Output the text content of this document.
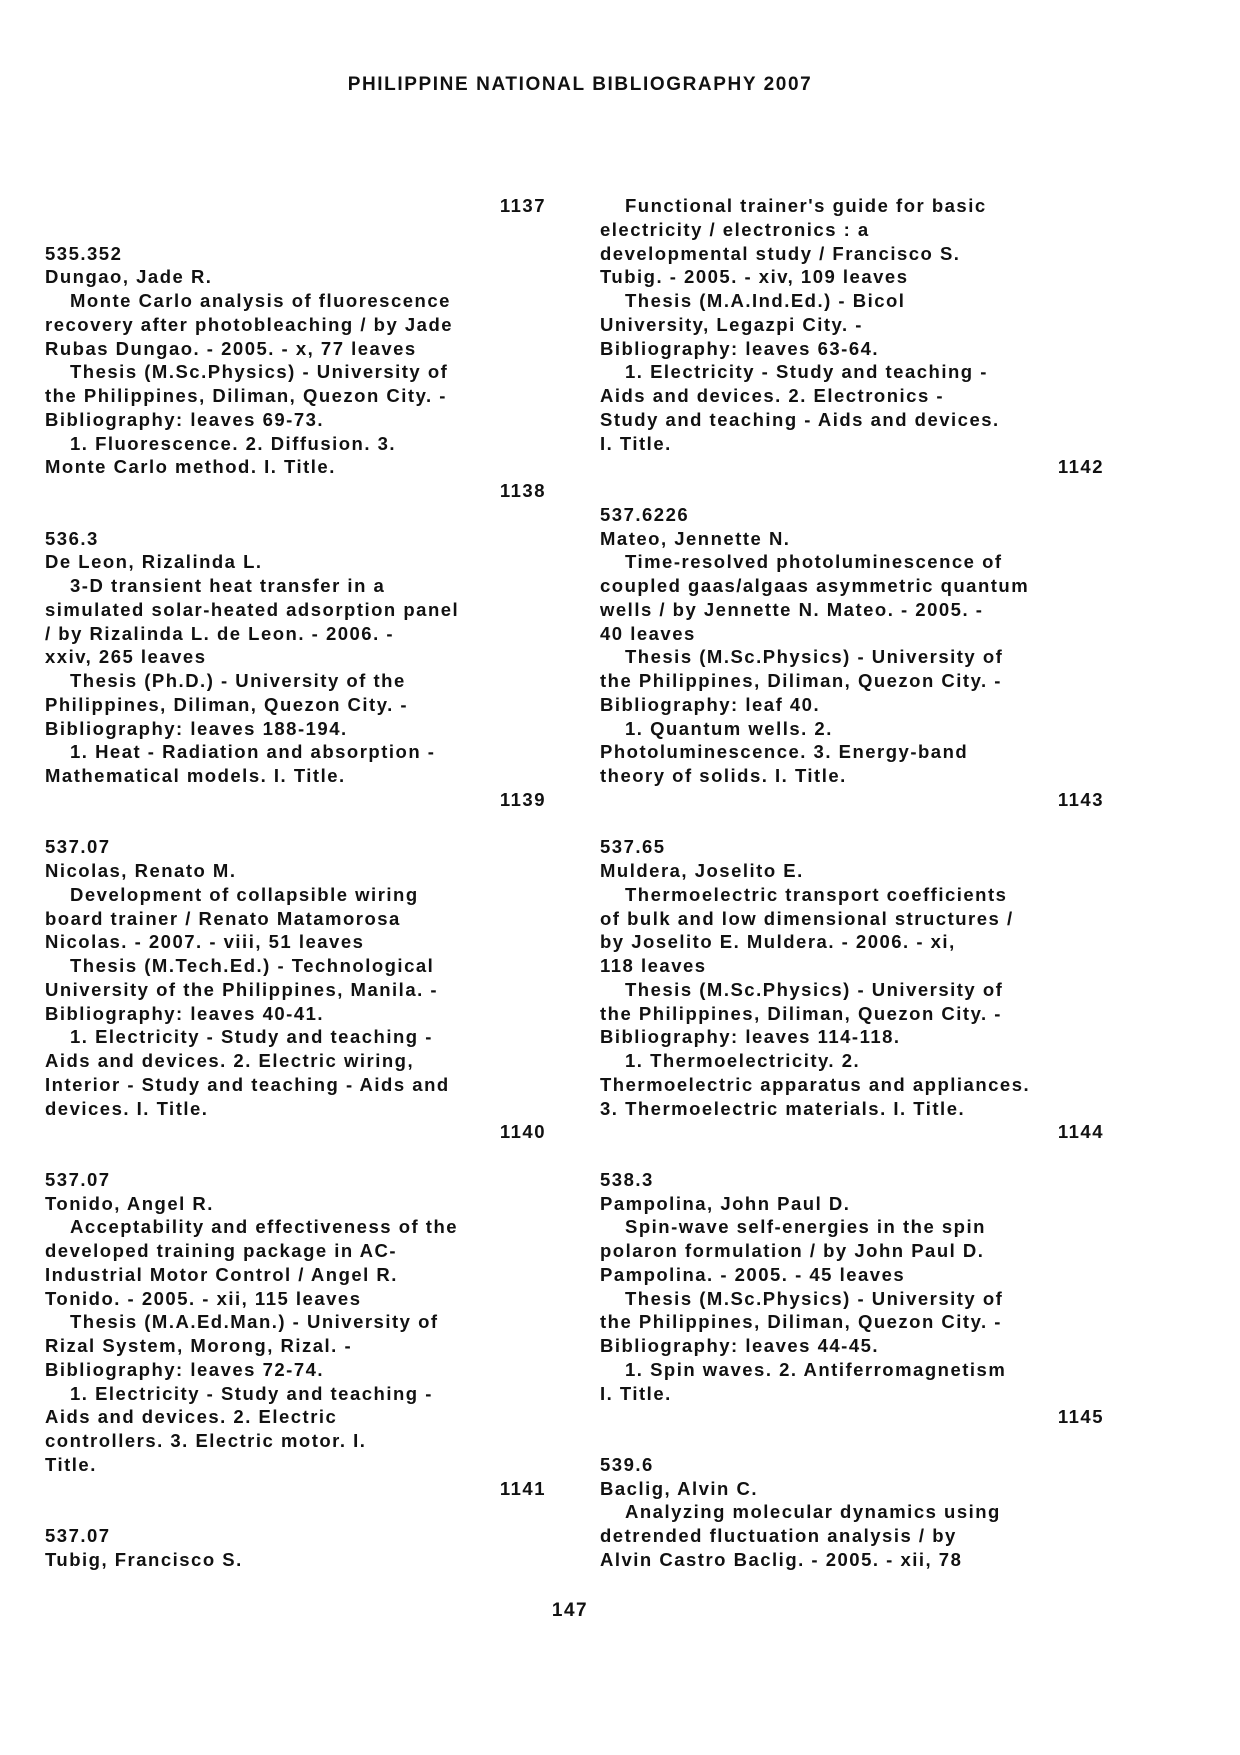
PHILIPPINE NATIONAL BIBLIOGRAPHY 2007
1137
535.352
Dungao, Jade R.
Monte Carlo analysis of fluorescence
recovery after photobleaching / by Jade
Rubas Dungao. - 2005. - x, 77 leaves
Thesis (M.Sc.Physics) - University of
the Philippines, Diliman, Quezon City. -
Bibliography: leaves 69-73.
1. Fluorescence. 2. Diffusion. 3.
Monte Carlo method. I. Title.
1138
536.3
De Leon, Rizalinda L.
3-D transient heat transfer in a
simulated solar-heated adsorption panel
/ by Rizalinda L. de Leon. - 2006. -
xxiv, 265 leaves
Thesis (Ph.D.) - University of the
Philippines, Diliman, Quezon City. -
Bibliography: leaves 188-194.
1. Heat - Radiation and absorption -
Mathematical models. I. Title.
1139
537.07
Nicolas, Renato M.
Development of collapsible wiring
board trainer / Renato Matamorosa
Nicolas. - 2007. - viii, 51 leaves
Thesis (M.Tech.Ed.) - Technological
University of the Philippines, Manila. -
Bibliography: leaves 40-41.
1. Electricity - Study and teaching -
Aids and devices. 2. Electric wiring,
Interior - Study and teaching - Aids and
devices. I. Title.
1140
537.07
Tonido, Angel R.
Acceptability and effectiveness of the
developed training package in AC-
Industrial Motor Control / Angel R.
Tonido. - 2005. - xii, 115 leaves
Thesis (M.A.Ed.Man.) - University of
Rizal System, Morong, Rizal. -
Bibliography: leaves 72-74.
1. Electricity - Study and teaching -
Aids and devices. 2. Electric
controllers. 3. Electric motor. I.
Title.
1141
537.07
Tubig, Francisco S.
Functional trainer's guide for basic
electricity / electronics : a
developmental study / Francisco S.
Tubig. - 2005. - xiv, 109 leaves
Thesis (M.A.Ind.Ed.) - Bicol
University, Legazpi City. -
Bibliography: leaves 63-64.
1. Electricity - Study and teaching -
Aids and devices. 2. Electronics -
Study and teaching - Aids and devices.
I. Title.
1142
537.6226
Mateo, Jennette N.
Time-resolved photoluminescence of
coupled gaas/algaas asymmetric quantum
wells / by Jennette N. Mateo. - 2005. -
40 leaves
Thesis (M.Sc.Physics) - University of
the Philippines, Diliman, Quezon City. -
Bibliography: leaf 40.
1. Quantum wells. 2.
Photoluminescence. 3. Energy-band
theory of solids. I. Title.
1143
537.65
Muldera, Joselito E.
Thermoelectric transport coefficients
of bulk and low dimensional structures /
by Joselito E. Muldera. - 2006. - xi,
118 leaves
Thesis (M.Sc.Physics) - University of
the Philippines, Diliman, Quezon City. -
Bibliography: leaves 114-118.
1. Thermoelectricity. 2.
Thermoelectric apparatus and appliances.
3. Thermoelectric materials. I. Title.
1144
538.3
Pampolina, John Paul D.
Spin-wave self-energies in the spin
polaron formulation / by John Paul D.
Pampolina. - 2005. - 45 leaves
Thesis (M.Sc.Physics) - University of
the Philippines, Diliman, Quezon City. -
Bibliography: leaves 44-45.
1. Spin waves. 2. Antiferromagnetism
I. Title.
1145
539.6
Baclig, Alvin C.
Analyzing molecular dynamics using
detrended fluctuation analysis / by
Alvin Castro Baclig. - 2005. - xii, 78
147
